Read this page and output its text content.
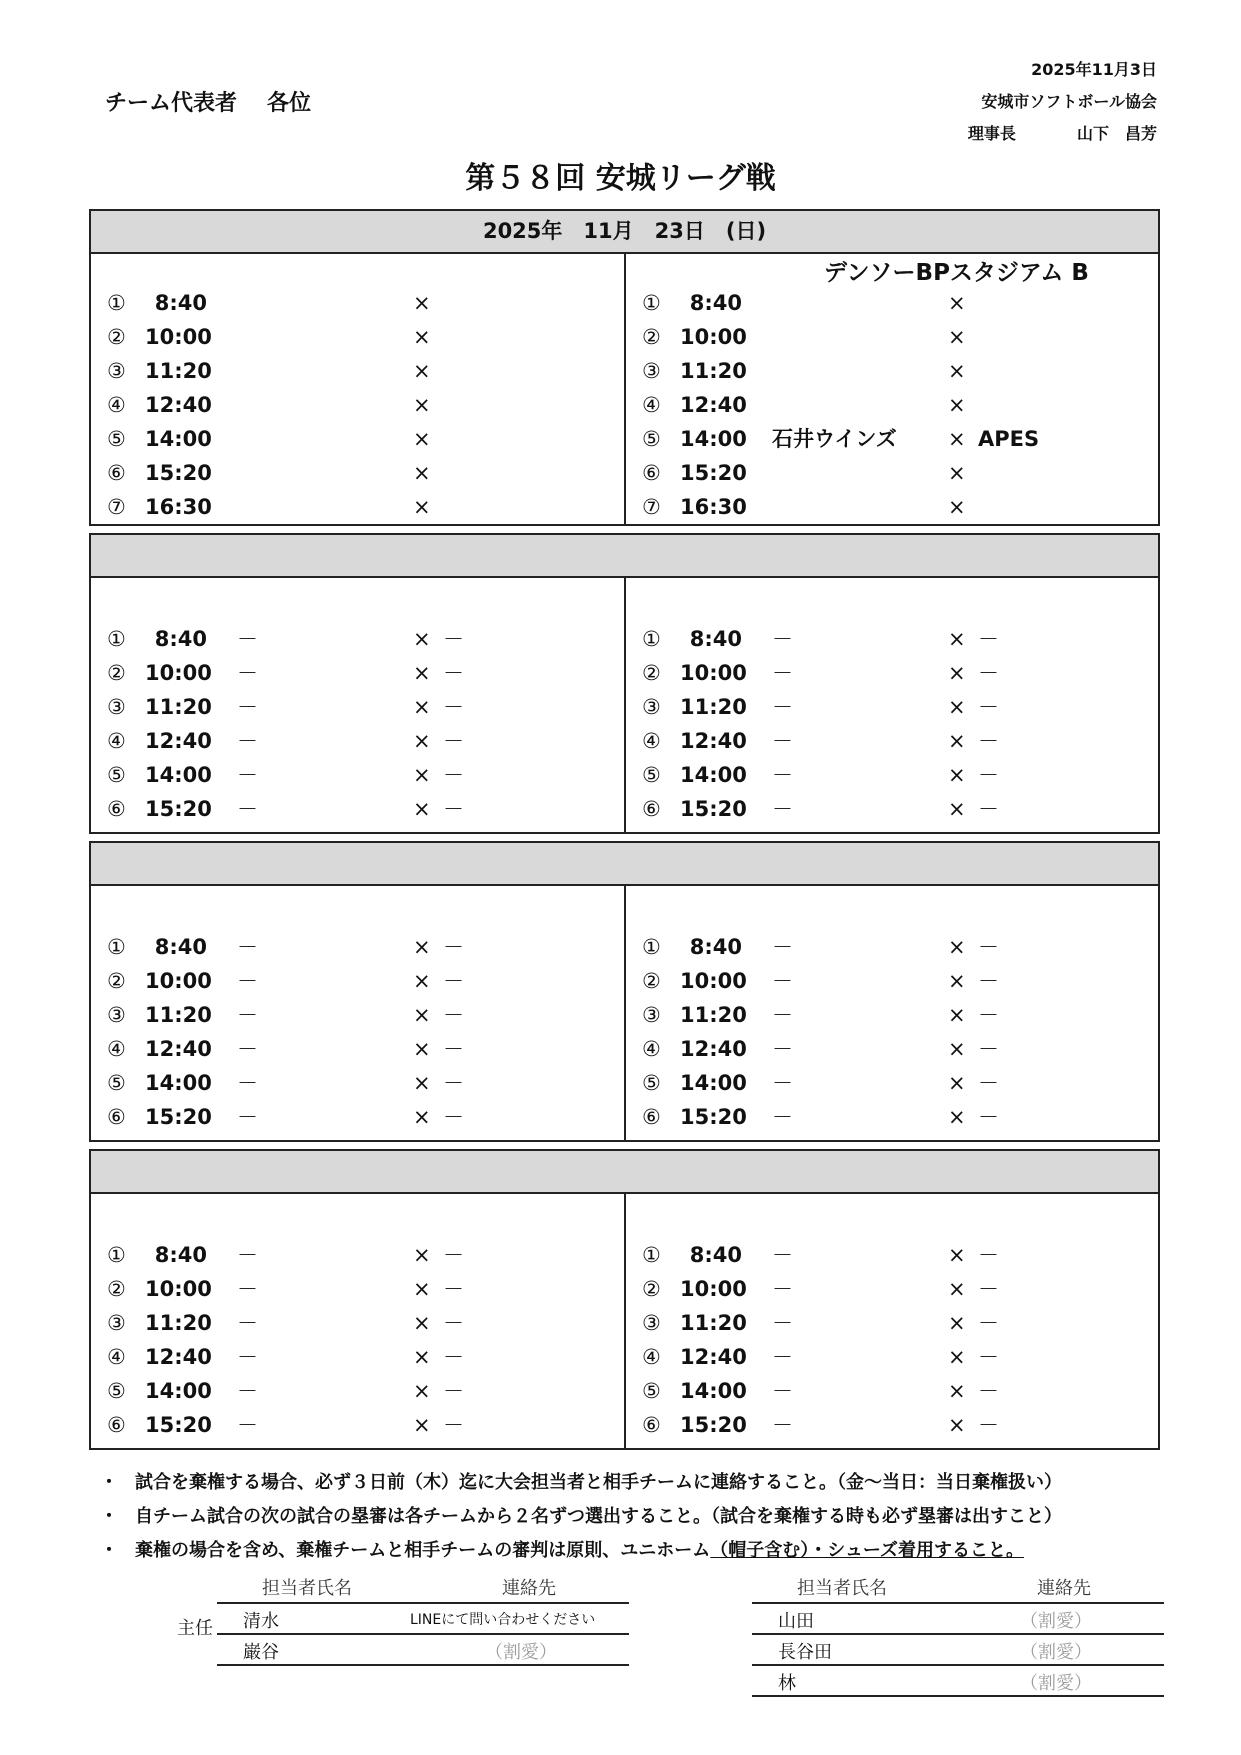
2025年11月3日
安城市ソフトボール協会
理事長	山下　昌芳
チーム代表者 各位
第５８回 安城リーグ戦
2025年　11月　23日　(日)
①	8:40	×
② 10:00	×
③ 11:20	×
④ 12:40	×
⑤ 14:00	×
⑥ 15:20	×
⑦ 16:30	×
デンソーBPスタジアム B
①	8:40	×
② 10:00	×
③ 11:20	×
④ 12:40	×
⑤ 14:00 石井ウインズ × APES
⑥ 15:20	×
⑦ 16:30	×
①	8:40 －	× －
② 10:00 －	× －
③ 11:20 －	× －
④ 12:40 －	× －
⑤ 14:00 －	× －
⑥ 15:20 －	× －
①	8:40 －	× －
② 10:00 －	× －
③ 11:20 －	× －
④ 12:40 －	× －
⑤ 14:00 －	× －
⑥ 15:20 －	× －
①	8:40 －	× －
② 10:00 －	× －
③ 11:20 －	× －
④ 12:40 －	× －
⑤ 14:00 －	× －
⑥ 15:20 －	× －
①	8:40 －	× －
② 10:00 －	× －
③ 11:20 －	× －
④ 12:40 －	× －
⑤ 14:00 －	× －
⑥ 15:20 －	× －
①	8:40 －	× －
② 10:00 －	× －
③ 11:20 －	× －
④ 12:40 －	× －
⑤ 14:00 －	× －
⑥ 15:20 －	× －
①	8:40 －	× －
② 10:00 －	× －
③ 11:20 －	× －
④ 12:40 －	× －
⑤ 14:00 －	× －
⑥ 15:20 －	× －
・ 試合を棄権する場合、必ず３日前（木）迄に大会担当者と相手チームに連絡すること。（金～当日：当日棄権扱い）
・ 自チーム試合の次の試合の塁審は各チームから２名ずつ選出すること。（試合を棄権する時も必ず塁審は出すこと）
・ 棄権の場合を含め、棄権チームと相手チームの審判は原則、ユニホーム（帽子含む）・シューズ着用すること。
主任
担当者氏名	連絡先
清水	LINEにて問い合わせください
巌谷	（割愛）
担当者氏名	連絡先
山田	（割愛）
長谷田	（割愛）
林	（割愛）
